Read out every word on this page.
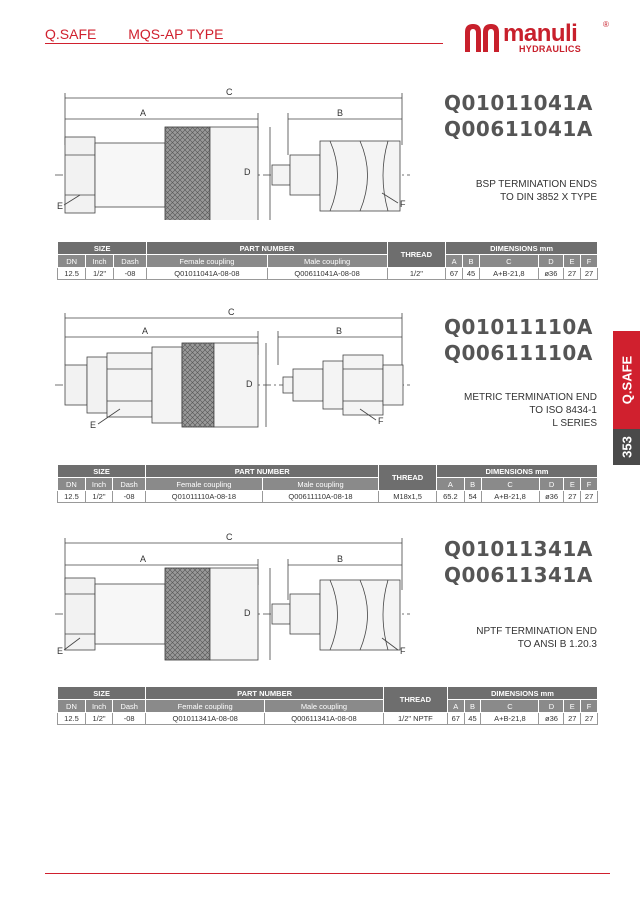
Q.SAFE MQS-AP TYPE	manuli
HYDRAULICS
®
Q.SAFE
353
Q01011041A
Q00611041A
BSP TERMINATION ENDS
TO DIN 3852 X TYPE
C
A	B
D
E	F
SIZE			PART NUMBER		THREAD	DIMENSIONS mm					
DN	Inch	Dash	Female coupling	Male coupling		A	B	C	D	E	F
12.5	1/2"	-08	Q01011041A-08-08	Q00611041A-08-08	1/2"	67	45	A+B-21,8	ø36	27	27
Q01011110A
Q00611110A
METRIC TERMINATION END
TO ISO 8434-1
L SERIES
C
A	B
D
E	F
SIZE			PART NUMBER		THREAD	DIMENSIONS mm					
DN	Inch	Dash	Female coupling	Male coupling		A	B	C	D	E	F
12.5	1/2"	-08	Q01011110A-08-18	Q00611110A-08-18	M18x1,5	65.2	54	A+B-21,8	ø36	27	27
Q01011341A
Q00611341A
NPTF TERMINATION END
TO ANSI B 1.20.3
C
A	B
D
E	F
SIZE			PART NUMBER		THREAD	DIMENSIONS mm					
DN	Inch	Dash	Female coupling	Male coupling		A	B	C	D	E	F
12.5	1/2"	-08	Q01011341A-08-08	Q00611341A-08-08	1/2" NPTF	67	45	A+B-21,8	ø36	27	27
